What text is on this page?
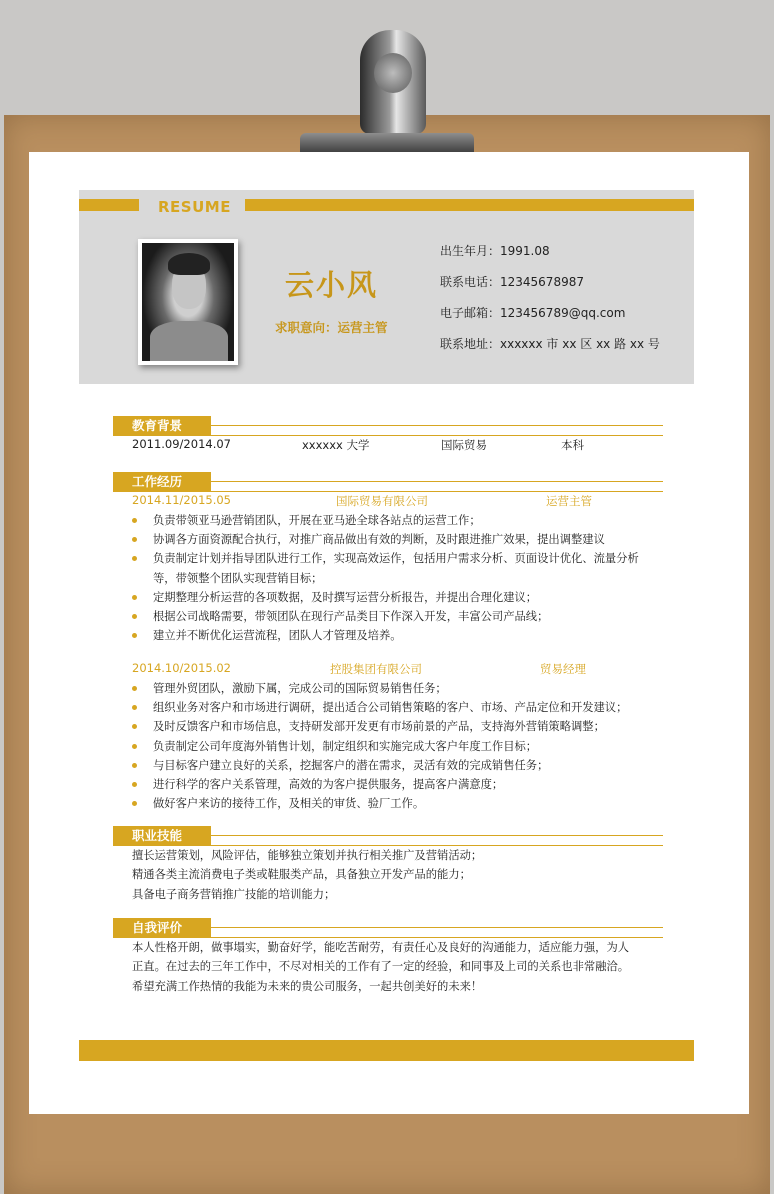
RESUME
云小风
求职意向：运营主管
出生年月：1991.08
联系电话：12345678987
电子邮箱：123456789@qq.com
联系地址：xxxxxx 市 xx 区 xx 路 xx 号
教育背景
2011.09/2014.07	xxxxxx 大学	国际贸易	本科
工作经历
2014.11/2015.05	国际贸易有限公司	运营主管
负责带领亚马逊营销团队，开展在亚马逊全球各站点的运营工作；
协调各方面资源配合执行，对推广商品做出有效的判断，及时跟进推广效果，提出调整建议
负责制定计划并指导团队进行工作，实现高效运作，包括用户需求分析、页面设计优化、流量分析等，带领整个团队实现营销目标；
定期整理分析运营的各项数据，及时撰写运营分析报告，并提出合理化建议；
根据公司战略需要，带领团队在现行产品类目下作深入开发，丰富公司产品线；
建立并不断优化运营流程，团队人才管理及培养。
2014.10/2015.02	控股集团有限公司	贸易经理
管理外贸团队，激励下属，完成公司的国际贸易销售任务；
组织业务对客户和市场进行调研，提出适合公司销售策略的客户、市场、产品定位和开发建议；
及时反馈客户和市场信息，支持研发部开发更有市场前景的产品，支持海外营销策略调整；
负责制定公司年度海外销售计划，制定组织和实施完成大客户年度工作目标；
与目标客户建立良好的关系，挖掘客户的潜在需求，灵活有效的完成销售任务；
进行科学的客户关系管理，高效的为客户提供服务，提高客户满意度；
做好客户来访的接待工作，及相关的审货、验厂工作。
职业技能
擅长运营策划，风险评估，能够独立策划并执行相关推广及营销活动；
精通各类主流消费电子类或鞋服类产品，具备独立开发产品的能力；
具备电子商务营销推广技能的培训能力；
自我评价
本人性格开朗，做事塌实，勤奋好学，能吃苦耐劳，有责任心及良好的沟通能力，适应能力强，为人正直。在过去的三年工作中，不尽对相关的工作有了一定的经验，和同事及上司的关系也非常融洽。希望充满工作热情的我能为未来的贵公司服务，一起共创美好的未来！
